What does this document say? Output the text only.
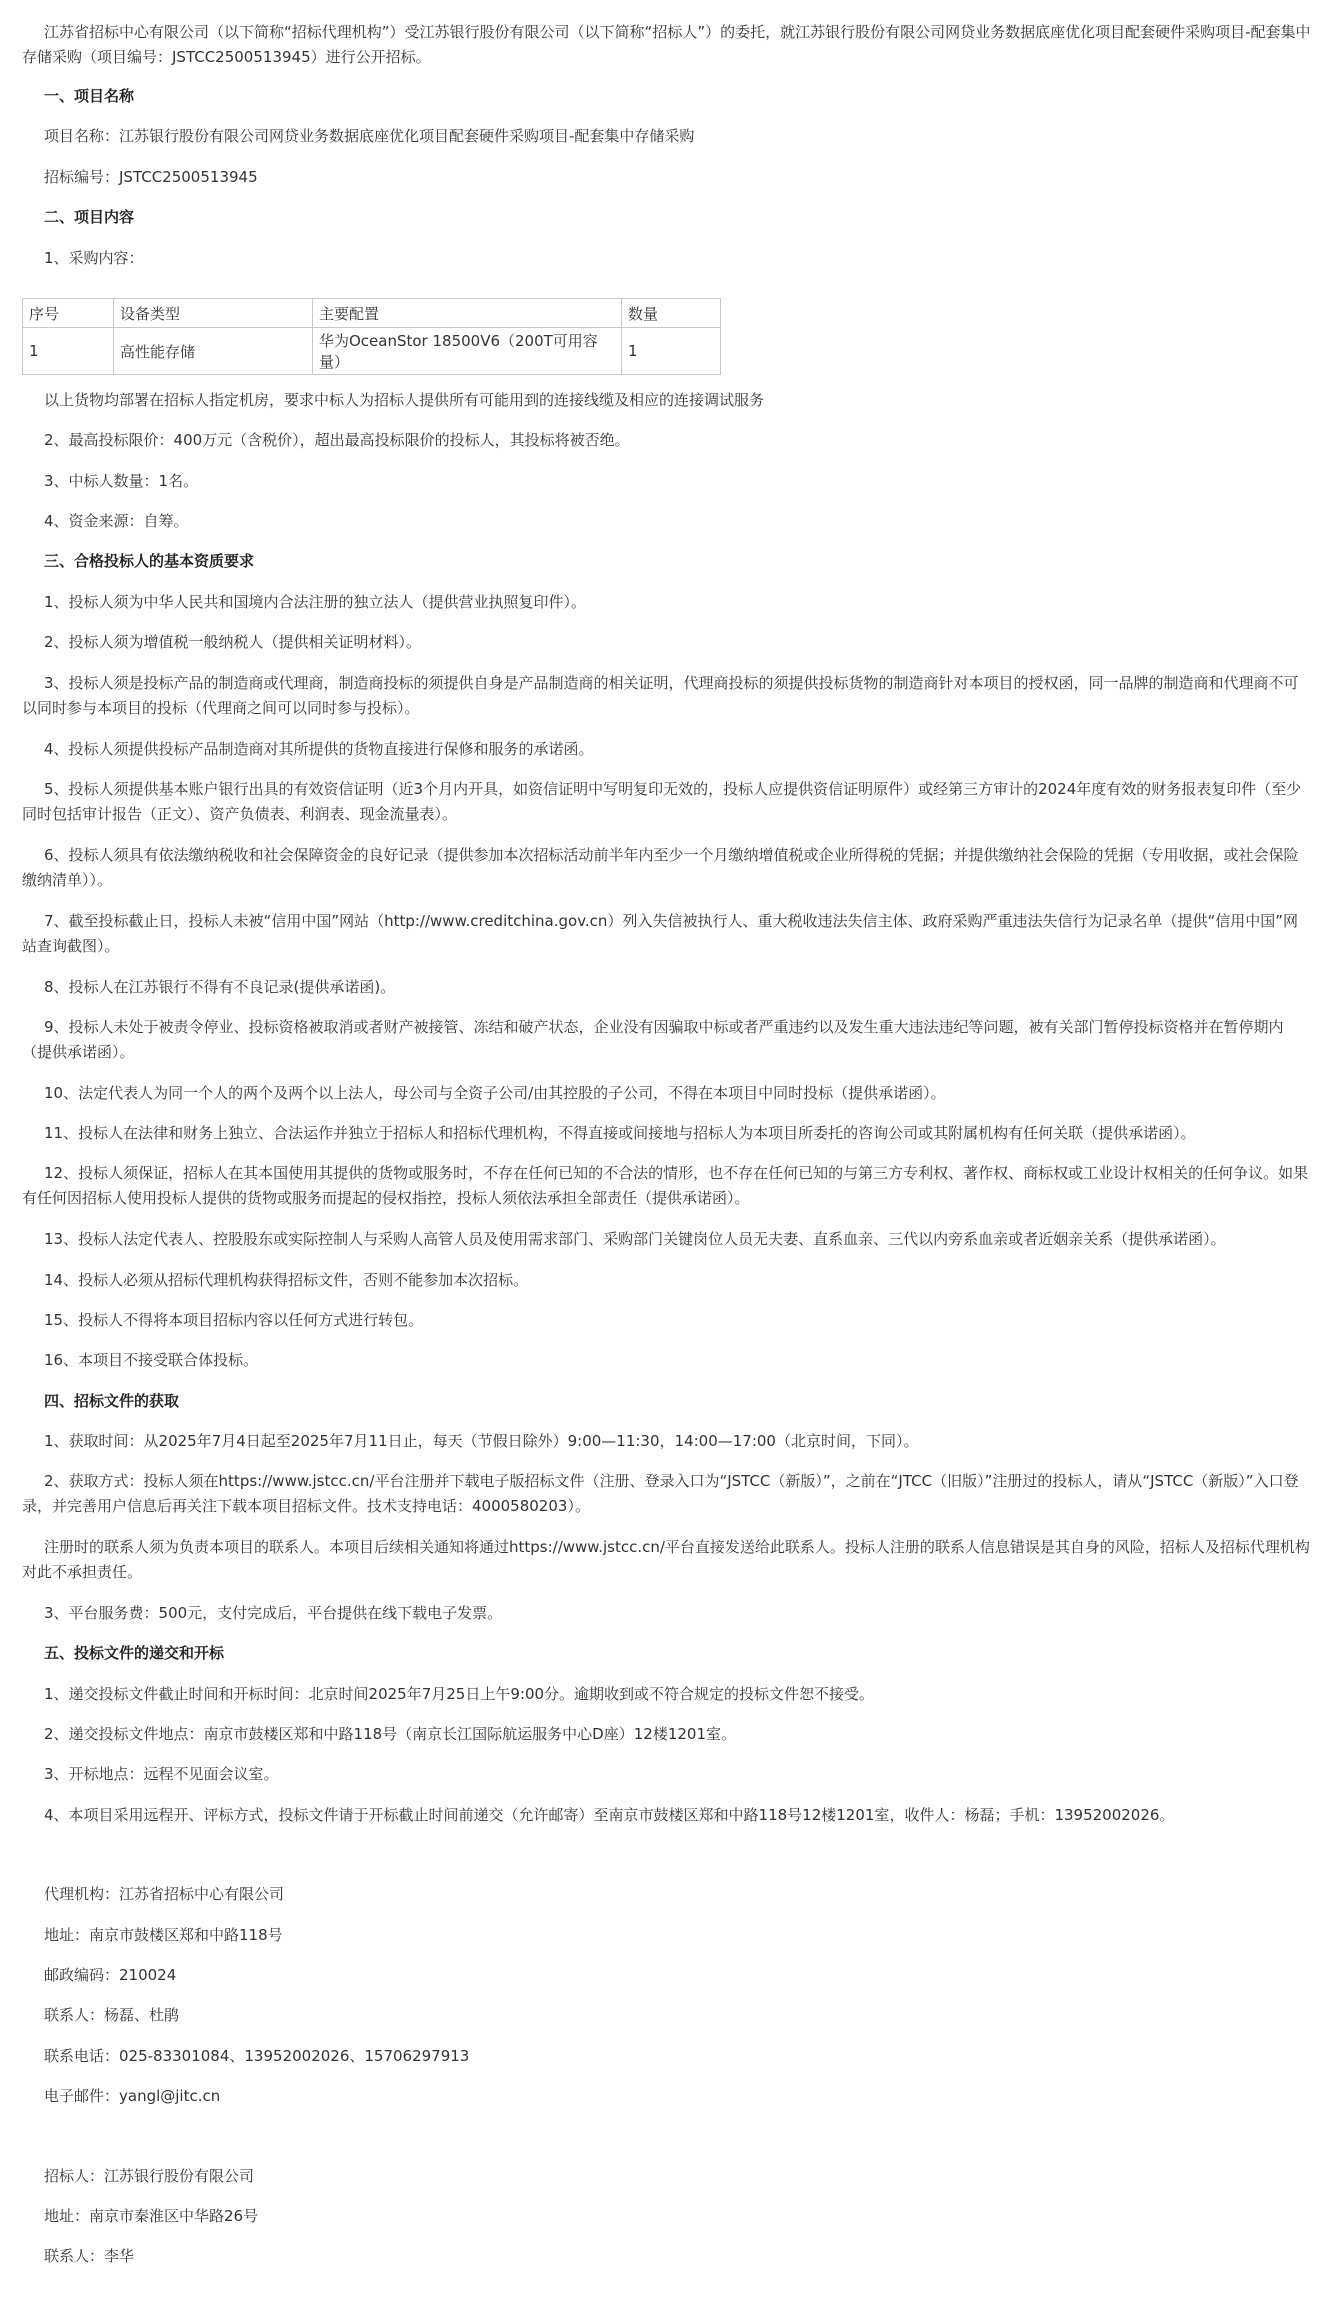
江苏省招标中心有限公司（以下简称“招标代理机构”）受江苏银行股份有限公司（以下简称“招标人”）的委托，就江苏银行股份有限公司网贷业务数据底座优化项目配套硬件采购项目-配套集中存储采购（项目编号：JSTCC2500513945）进行公开招标。
一、项目名称
项目名称：江苏银行股份有限公司网贷业务数据底座优化项目配套硬件采购项目-配套集中存储采购
招标编号：JSTCC2500513945
二、项目内容
1、采购内容：
序号	设备类型	主要配置	数量
1	高性能存储	华为OceanStor 18500V6（200T可用容量）	1
以上货物均部署在招标人指定机房，要求中标人为招标人提供所有可能用到的连接线缆及相应的连接调试服务
2、最高投标限价：400万元（含税价），超出最高投标限价的投标人，其投标将被否绝。
3、中标人数量：1名。
4、资金来源：自筹。
三、合格投标人的基本资质要求
1、投标人须为中华人民共和国境内合法注册的独立法人（提供营业执照复印件）。
2、投标人须为增值税一般纳税人（提供相关证明材料）。
3、投标人须是投标产品的制造商或代理商，制造商投标的须提供自身是产品制造商的相关证明，代理商投标的须提供投标货物的制造商针对本项目的授权函，同一品牌的制造商和代理商不可以同时参与本项目的投标（代理商之间可以同时参与投标）。
4、投标人须提供投标产品制造商对其所提供的货物直接进行保修和服务的承诺函。
5、投标人须提供基本账户银行出具的有效资信证明（近3个月内开具，如资信证明中写明复印无效的，投标人应提供资信证明原件）或经第三方审计的2024年度有效的财务报表复印件（至少同时包括审计报告（正文）、资产负债表、利润表、现金流量表）。
6、投标人须具有依法缴纳税收和社会保障资金的良好记录（提供参加本次招标活动前半年内至少一个月缴纳增值税或企业所得税的凭据；并提供缴纳社会保险的凭据（专用收据，或社会保险缴纳清单））。
7、截至投标截止日，投标人未被“信用中国”网站（http://www.creditchina.gov.cn）列入失信被执行人、重大税收违法失信主体、政府采购严重违法失信行为记录名单（提供“信用中国”网站查询截图）。
8、投标人在江苏银行不得有不良记录(提供承诺函)。
9、投标人未处于被责令停业、投标资格被取消或者财产被接管、冻结和破产状态，企业没有因骗取中标或者严重违约以及发生重大违法违纪等问题，被有关部门暂停投标资格并在暂停期内（提供承诺函）。
10、法定代表人为同一个人的两个及两个以上法人，母公司与全资子公司/由其控股的子公司，不得在本项目中同时投标（提供承诺函）。
11、投标人在法律和财务上独立、合法运作并独立于招标人和招标代理机构，不得直接或间接地与招标人为本项目所委托的咨询公司或其附属机构有任何关联（提供承诺函）。
12、投标人须保证，招标人在其本国使用其提供的货物或服务时，不存在任何已知的不合法的情形，也不存在任何已知的与第三方专利权、著作权、商标权或工业设计权相关的任何争议。如果有任何因招标人使用投标人提供的货物或服务而提起的侵权指控，投标人须依法承担全部责任（提供承诺函）。
13、投标人法定代表人、控股股东或实际控制人与采购人高管人员及使用需求部门、采购部门关键岗位人员无夫妻、直系血亲、三代以内旁系血亲或者近姻亲关系（提供承诺函）。
14、投标人必须从招标代理机构获得招标文件，否则不能参加本次招标。
15、投标人不得将本项目招标内容以任何方式进行转包。
16、本项目不接受联合体投标。
四、招标文件的获取
1、获取时间：从2025年7月4日起至2025年7月11日止，每天（节假日除外）9:00—11:30，14:00—17:00（北京时间，下同）。
2、获取方式：投标人须在https://www.jstcc.cn/平台注册并下载电子版招标文件（注册、登录入口为“JSTCC（新版）”，之前在“JTCC（旧版）”注册过的投标人，请从“JSTCC（新版）”入口登录，并完善用户信息后再关注下载本项目招标文件。技术支持电话：4000580203）。
注册时的联系人须为负责本项目的联系人。本项目后续相关通知将通过https://www.jstcc.cn/平台直接发送给此联系人。投标人注册的联系人信息错误是其自身的风险，招标人及招标代理机构对此不承担责任。
3、平台服务费：500元，支付完成后，平台提供在线下载电子发票。
五、投标文件的递交和开标
1、递交投标文件截止时间和开标时间：北京时间2025年7月25日上午9:00分。逾期收到或不符合规定的投标文件恕不接受。
2、递交投标文件地点：南京市鼓楼区郑和中路118号（南京长江国际航运服务中心D座）12楼1201室。
3、开标地点：远程不见面会议室。
4、本项目采用远程开、评标方式，投标文件请于开标截止时间前递交（允许邮寄）至南京市鼓楼区郑和中路118号12楼1201室，收件人：杨磊；手机：13952002026。
代理机构：江苏省招标中心有限公司
地址：南京市鼓楼区郑和中路118号
邮政编码：210024
联系人：杨磊、杜鹃
联系电话：025-83301084、13952002026、15706297913
电子邮件：yangl@jitc.cn
招标人：江苏银行股份有限公司
地址：南京市秦淮区中华路26号
联系人：李华
